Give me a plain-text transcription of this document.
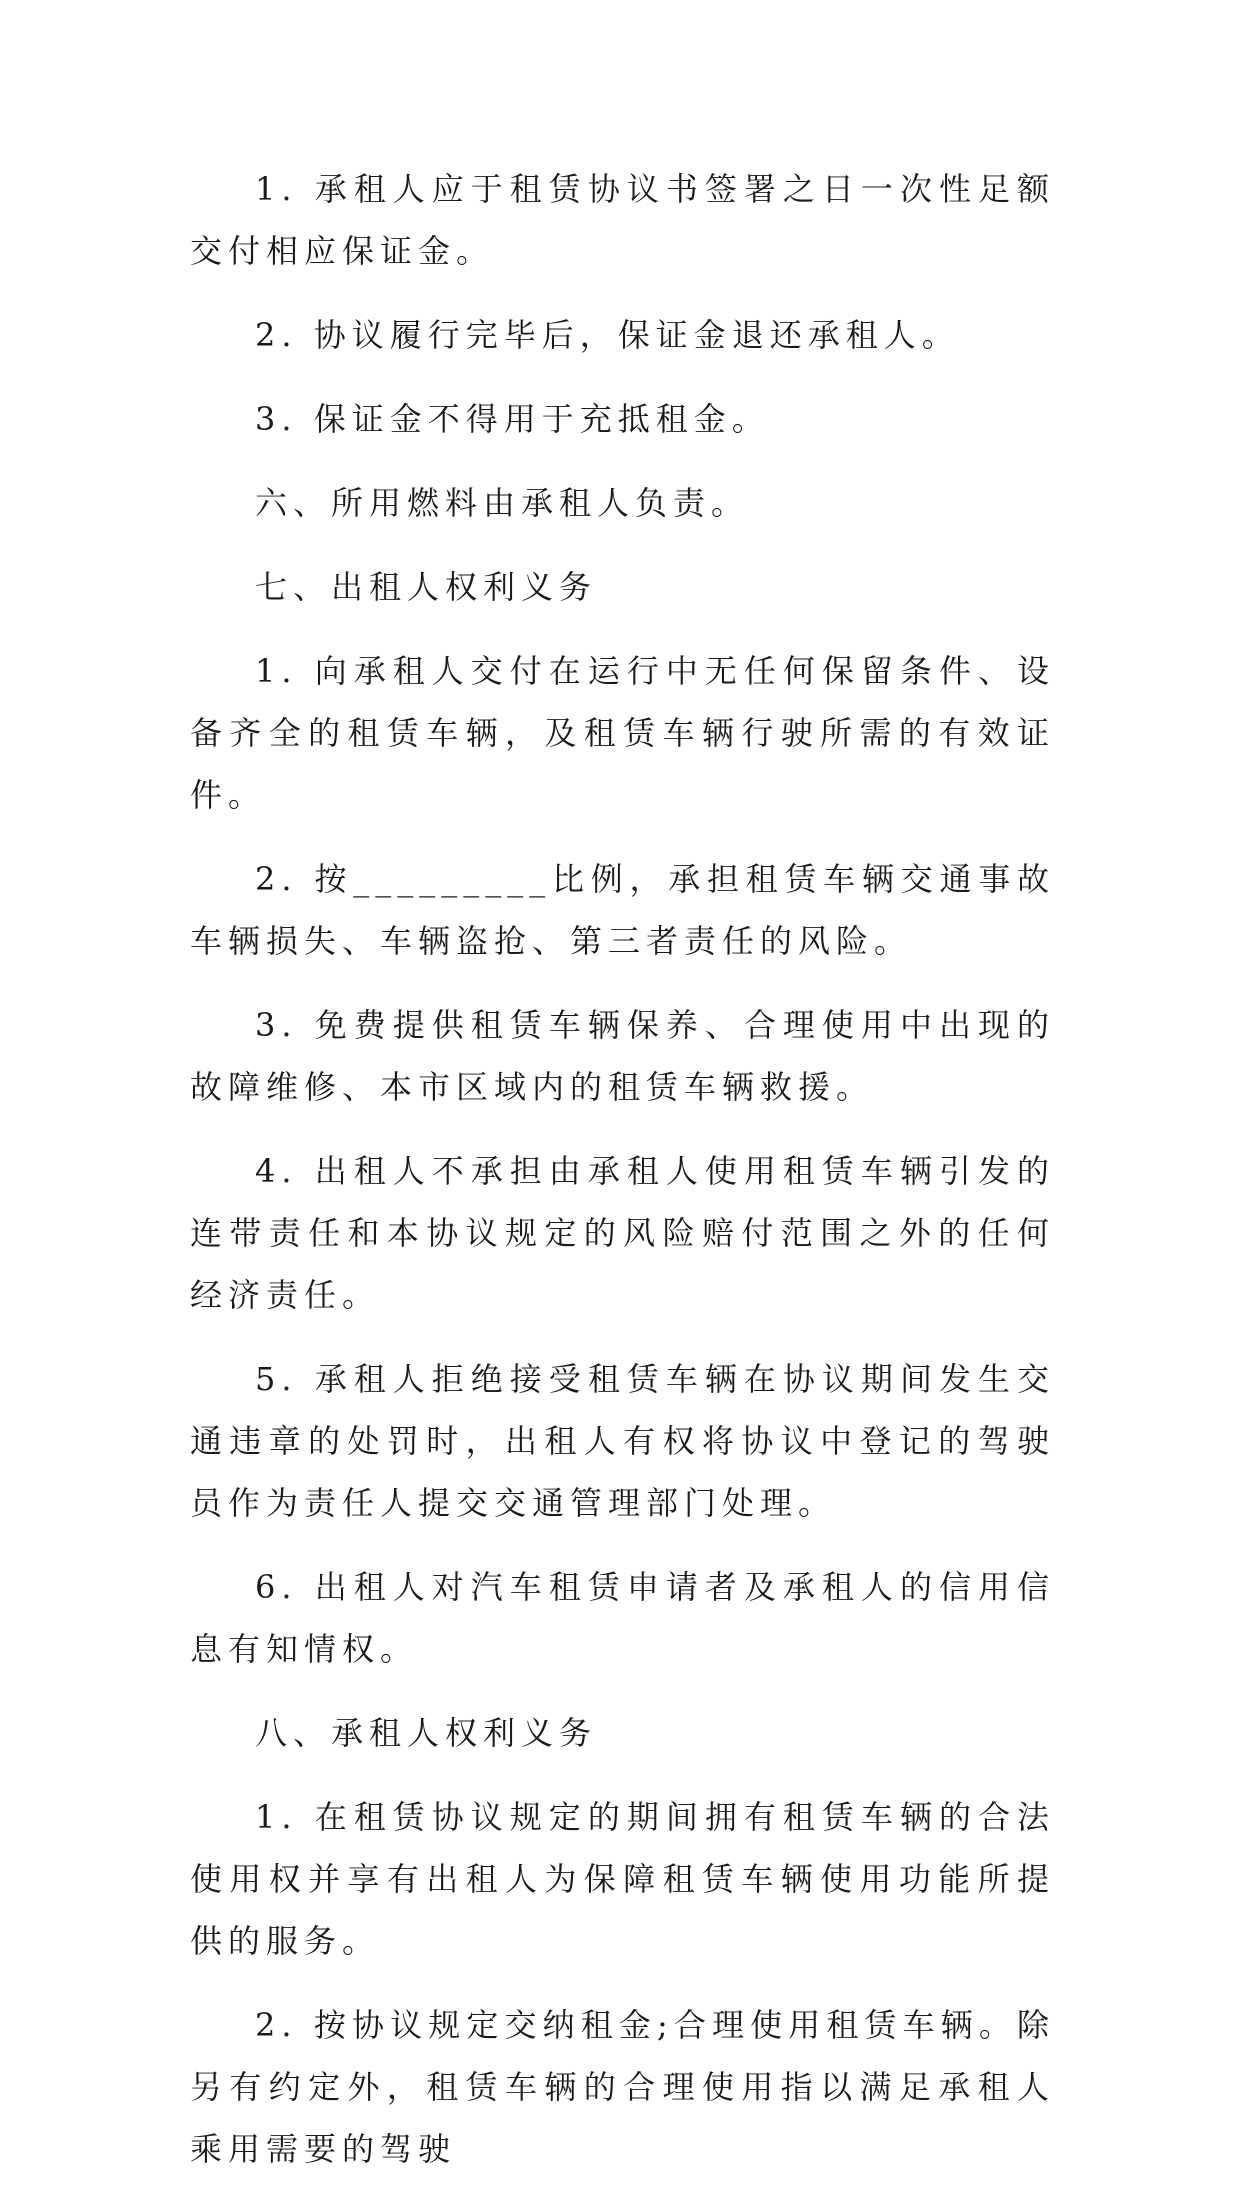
1. 承租人应于租赁协议书签署之日一次性足额交付相应保证金。

2. 协议履行完毕后，保证金退还承租人。

3. 保证金不得用于充抵租金。

六、所用燃料由承租人负责。

七、出租人权利义务

1. 向承租人交付在运行中无任何保留条件、设备齐全的租赁车辆，及租赁车辆行驶所需的有效证件。

2. 按_________比例，承担租赁车辆交通事故车辆损失、车辆盗抢、第三者责任的风险。

3. 免费提供租赁车辆保养、合理使用中出现的故障维修、本市区域内的租赁车辆救援。

4. 出租人不承担由承租人使用租赁车辆引发的连带责任和本协议规定的风险赔付范围之外的任何经济责任。

5. 承租人拒绝接受租赁车辆在协议期间发生交通违章的处罚时，出租人有权将协议中登记的驾驶员作为责任人提交交通管理部门处理。

6. 出租人对汽车租赁申请者及承租人的信用信息有知情权。

八、承租人权利义务

1. 在租赁协议规定的期间拥有租赁车辆的合法使用权并享有出租人为保障租赁车辆使用功能所提供的服务。

2. 按协议规定交纳租金;合理使用租赁车辆。除另有约定外，租赁车辆的合理使用指以满足承租人乘用需要的驾驶
